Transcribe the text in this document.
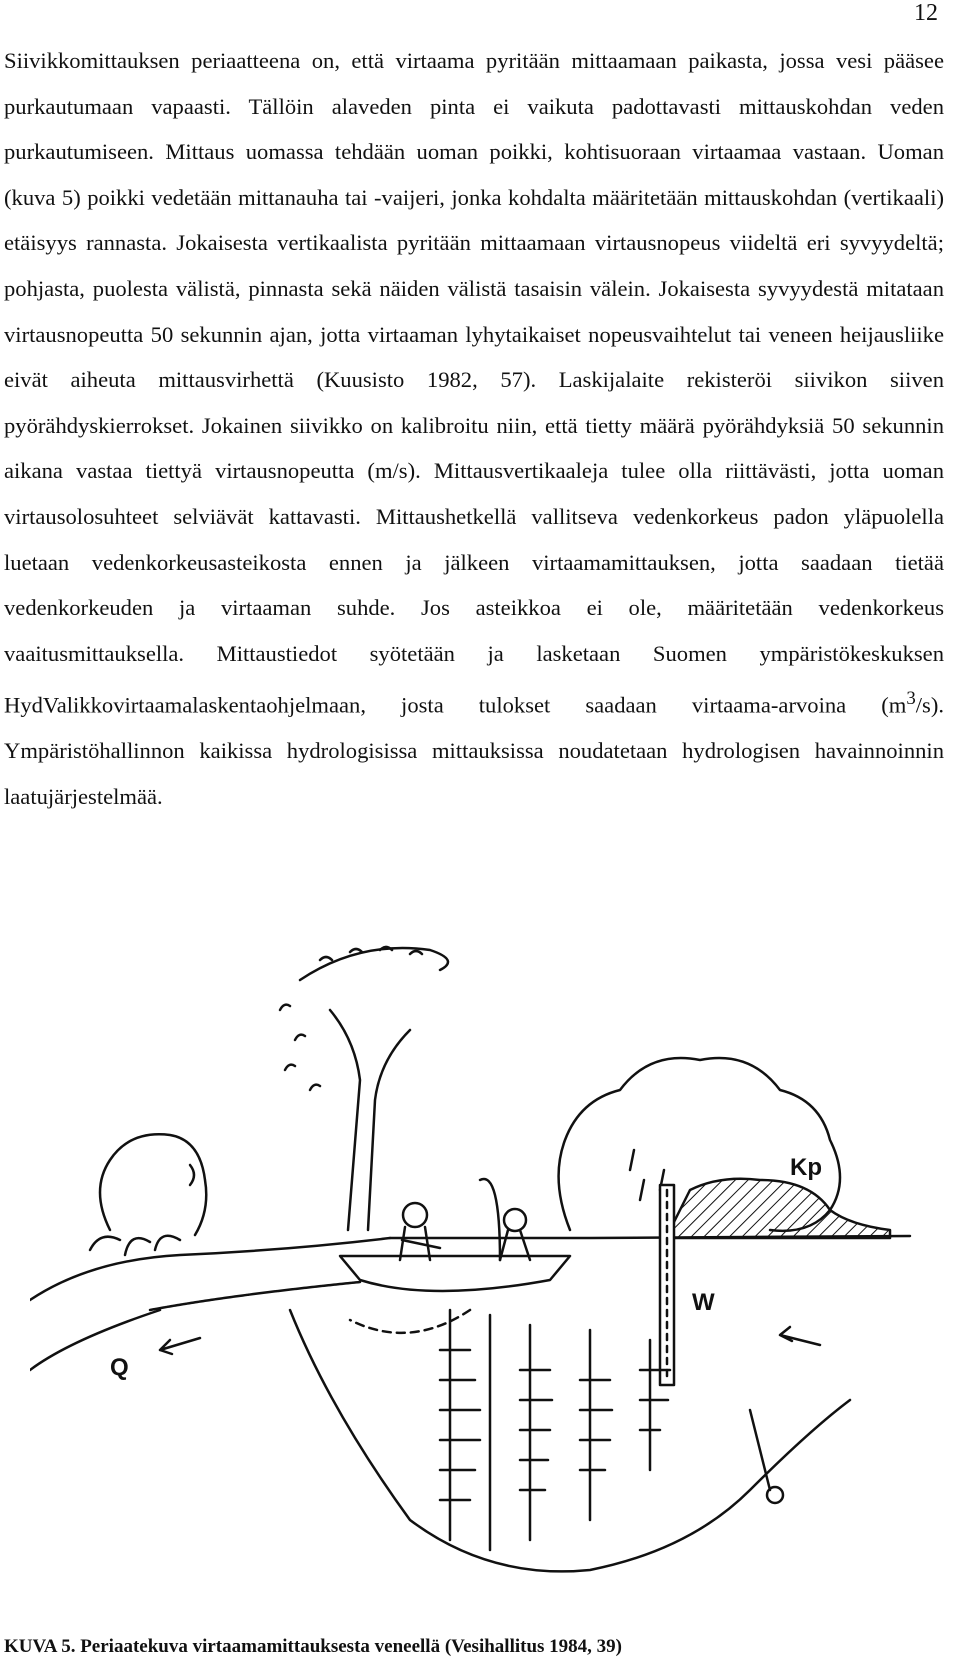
12

Siivikkomittauksen periaatteena on, että virtaama pyritään mittaamaan paikasta, jossa vesi pääsee purkautumaan vapaasti. Tällöin alaveden pinta ei vaikuta padottavasti mittauskohdan veden purkautumiseen. Mittaus uomassa tehdään uoman poikki, kohtisuoraan virtaamaa vastaan. Uoman (kuva 5) poikki vedetään mittanauha tai -vaijeri, jonka kohdalta määritetään mittauskohdan (vertikaali) etäisyys rannasta. Jokaisesta vertikaalista pyritään mittaamaan virtausnopeus viideltä eri syvyydeltä; pohjasta, puolesta välistä, pinnasta sekä näiden välistä tasaisin välein. Jokaisesta syvyydestä mitataan virtausnopeutta 50 sekunnin ajan, jotta virtaaman lyhytaikaiset nopeusvaihtelut tai veneen heijausliike eivät aiheuta mittausvirhettä (Kuusisto 1982, 57). Laskijalaite rekisteröi siivikon siiven pyörähdyskierrokset. Jokainen siivikko on kalibroitu niin, että tietty määrä pyörähdyksiä 50 sekunnin aikana vastaa tiettyä virtausnopeutta (m/s). Mittausvertikaaleja tulee olla riittävästi, jotta uoman virtausolosuhteet selviävät kattavasti. Mittaushetkellä vallitseva vedenkorkeus padon yläpuolella luetaan vedenkorkeusasteikosta ennen ja jälkeen virtaamamittauksen, jotta saadaan tietää vedenkorkeuden ja virtaaman suhde. Jos asteikkoa ei ole, määritetään vedenkorkeus vaaitusmittauksella. Mittaustiedot syötetään ja lasketaan Suomen ympäristökeskuksen HydValikkovirtaamalaskentaohjelmaan, josta tulokset saadaan virtaama-arvoina $(m^3/s)$. Ympäristöhallinnon kaikissa hydrologisissa mittauksissa noudatetaan hydrologisen havainnoinnin laatujärjestelmää.

Kp
W
Q

KUVA 5. Periaatekuva virtaamamittauksesta veneellä (Vesihallitus 1984, 39)
